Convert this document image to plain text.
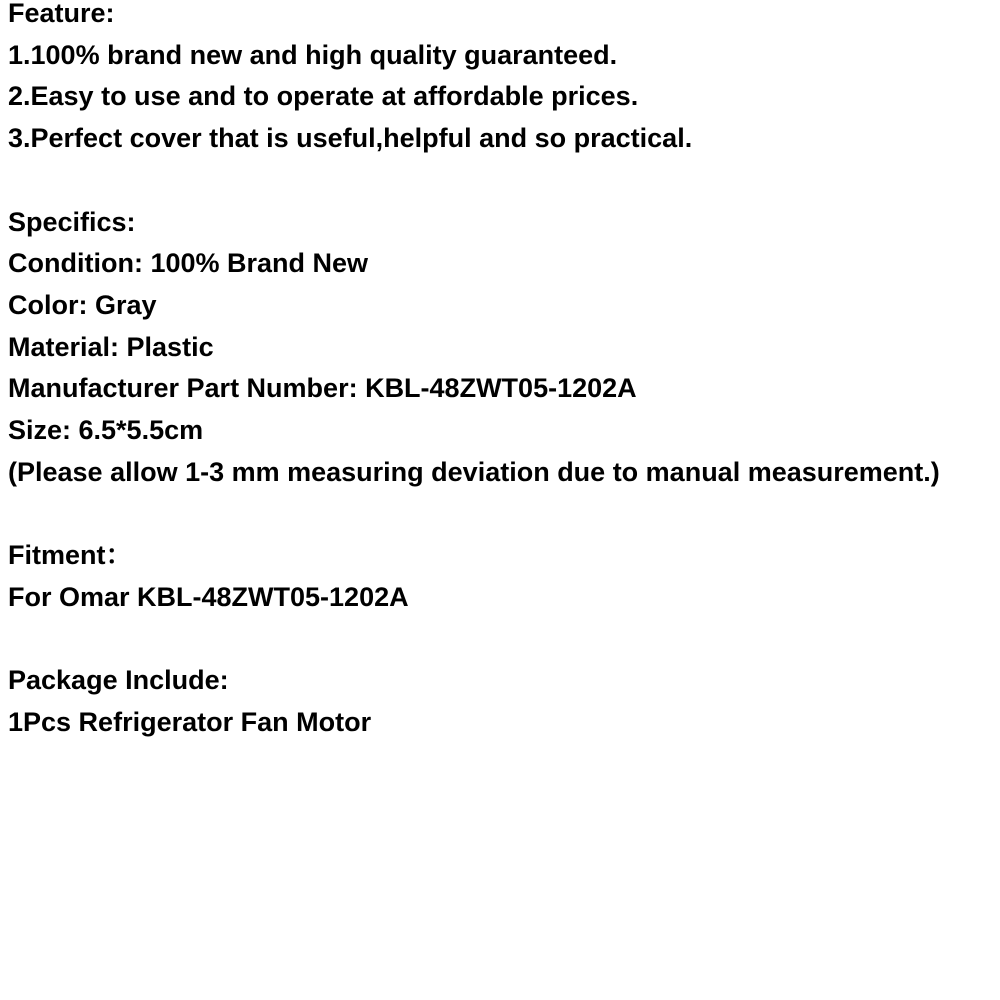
Feature:
1.100% brand new and high quality guaranteed.
2.Easy to use and to operate at affordable prices.
3.Perfect cover that is useful,helpful and so practical.
Specifics:
Condition: 100% Brand New
Color: Gray
Material: Plastic
Manufacturer Part Number: KBL-48ZWT05-1202A
Size: 6.5*5.5cm
(Please allow 1-3 mm measuring deviation due to manual measurement.)
Fitment：
For Omar KBL-48ZWT05-1202A
Package Include:
1Pcs Refrigerator Fan Motor
